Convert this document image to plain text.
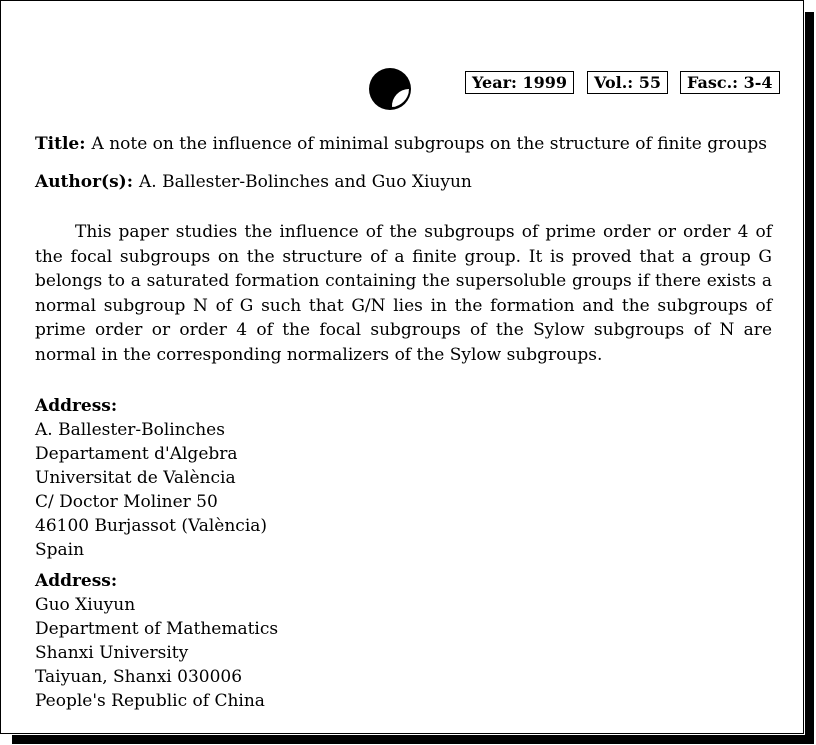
Year: 1999	Vol.: 55	Fasc.: 3-4
Title: A note on the influence of minimal subgroups on the structure of finite groups
Author(s): A. Ballester-Bolinches and Guo Xiuyun
This paper studies the influence of the subgroups of prime order or order 4 of the focal subgroups on the structure of a finite group. It is proved that a group G belongs to a saturated formation containing the supersoluble groups if there exists a normal subgroup N of G such that G/N lies in the formation and the subgroups of prime order or order 4 of the focal subgroups of the Sylow subgroups of N are normal in the corresponding normalizers of the Sylow subgroups.
Address:
A. Ballester-Bolinches
Departament d'Algebra
Universitat de València
C/ Doctor Moliner 50
46100 Burjassot (València)
Spain
Address:
Guo Xiuyun
Department of Mathematics
Shanxi University
Taiyuan, Shanxi 030006
People's Republic of China
